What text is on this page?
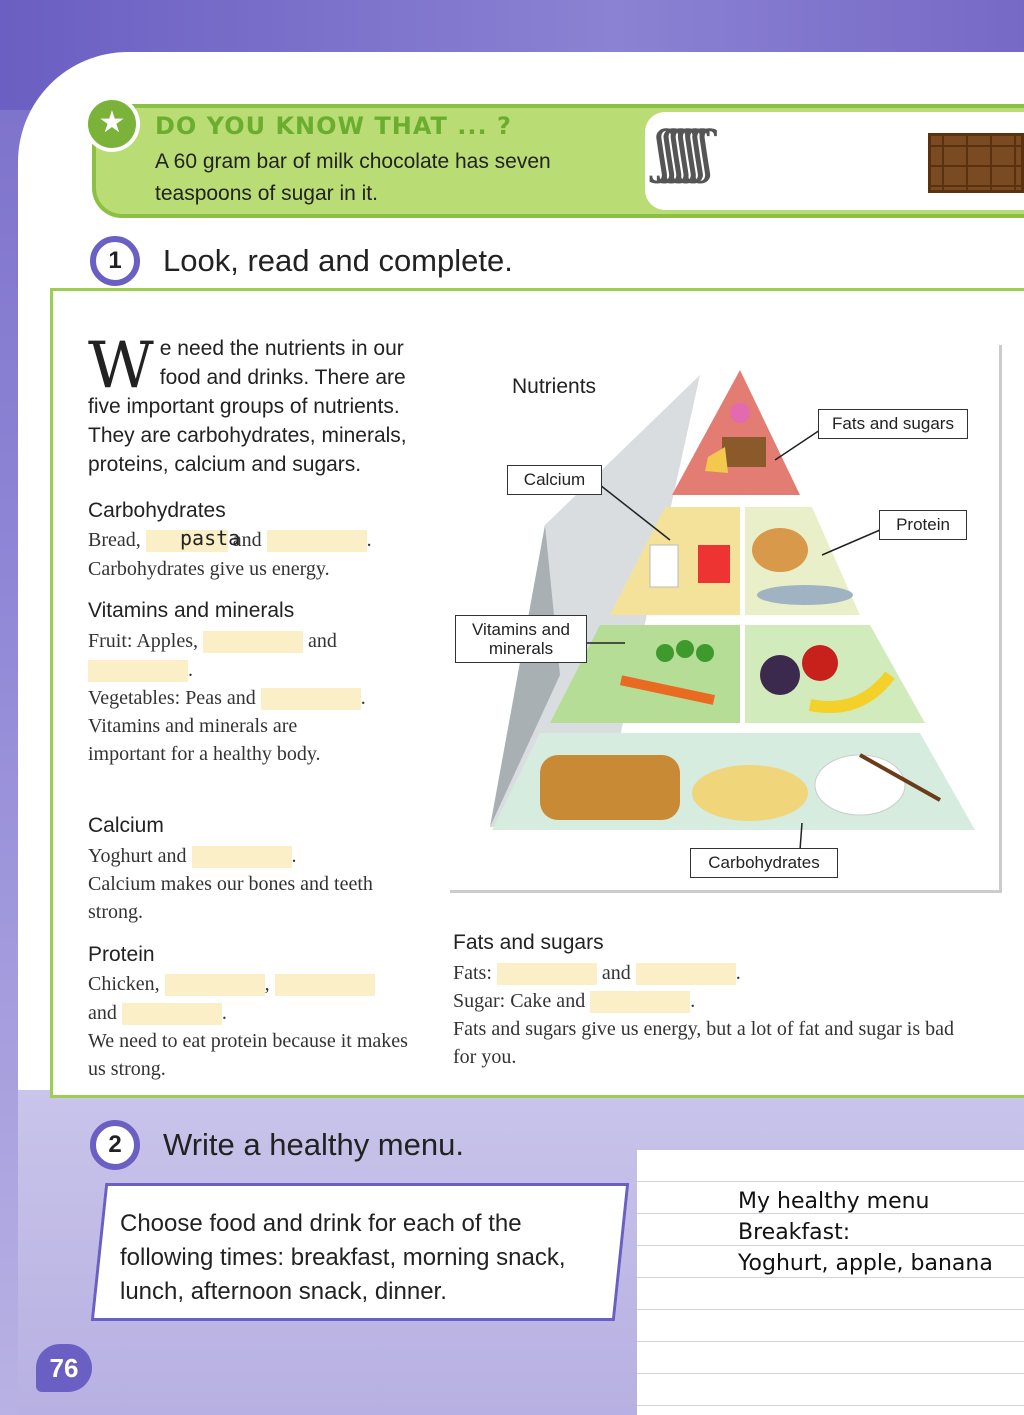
★	DO YOU KNOW THAT ... ?
A 60 gram bar of milk chocolate has seven teaspoons of sugar in it.
ʃʃʃʃʃʃʃ
1	Look, read and complete.
W e need the nutrients in our food and drinks. There are five important groups of nutrients. They are carbohydrates, minerals, proteins, calcium and sugars.
Carbohydrates
Bread,	and	.
pasta
Carbohydrates give us energy.
Vitamins and minerals
Fruit: Apples,	and
.
Vegetables: Peas and	.
Vitamins and minerals are important for a healthy body.
Calcium
Yoghurt and	.
Calcium makes our bones and teeth strong.
Protein
Chicken,	,
and	.
We need to eat protein because it makes us strong.
Nutrients
Fats and sugars
Calcium
Protein
Vitamins and minerals
Carbohydrates
Fats and sugars
Fats:	and	.
Sugar: Cake and	.
Fats and sugars give us energy, but a lot of fat and sugar is bad for you.
2	Write a healthy menu.
Choose food and drink for each of the following times: breakfast, morning snack, lunch, afternoon snack, dinner.
My healthy menu
Breakfast:
Yoghurt, apple, banana
76
